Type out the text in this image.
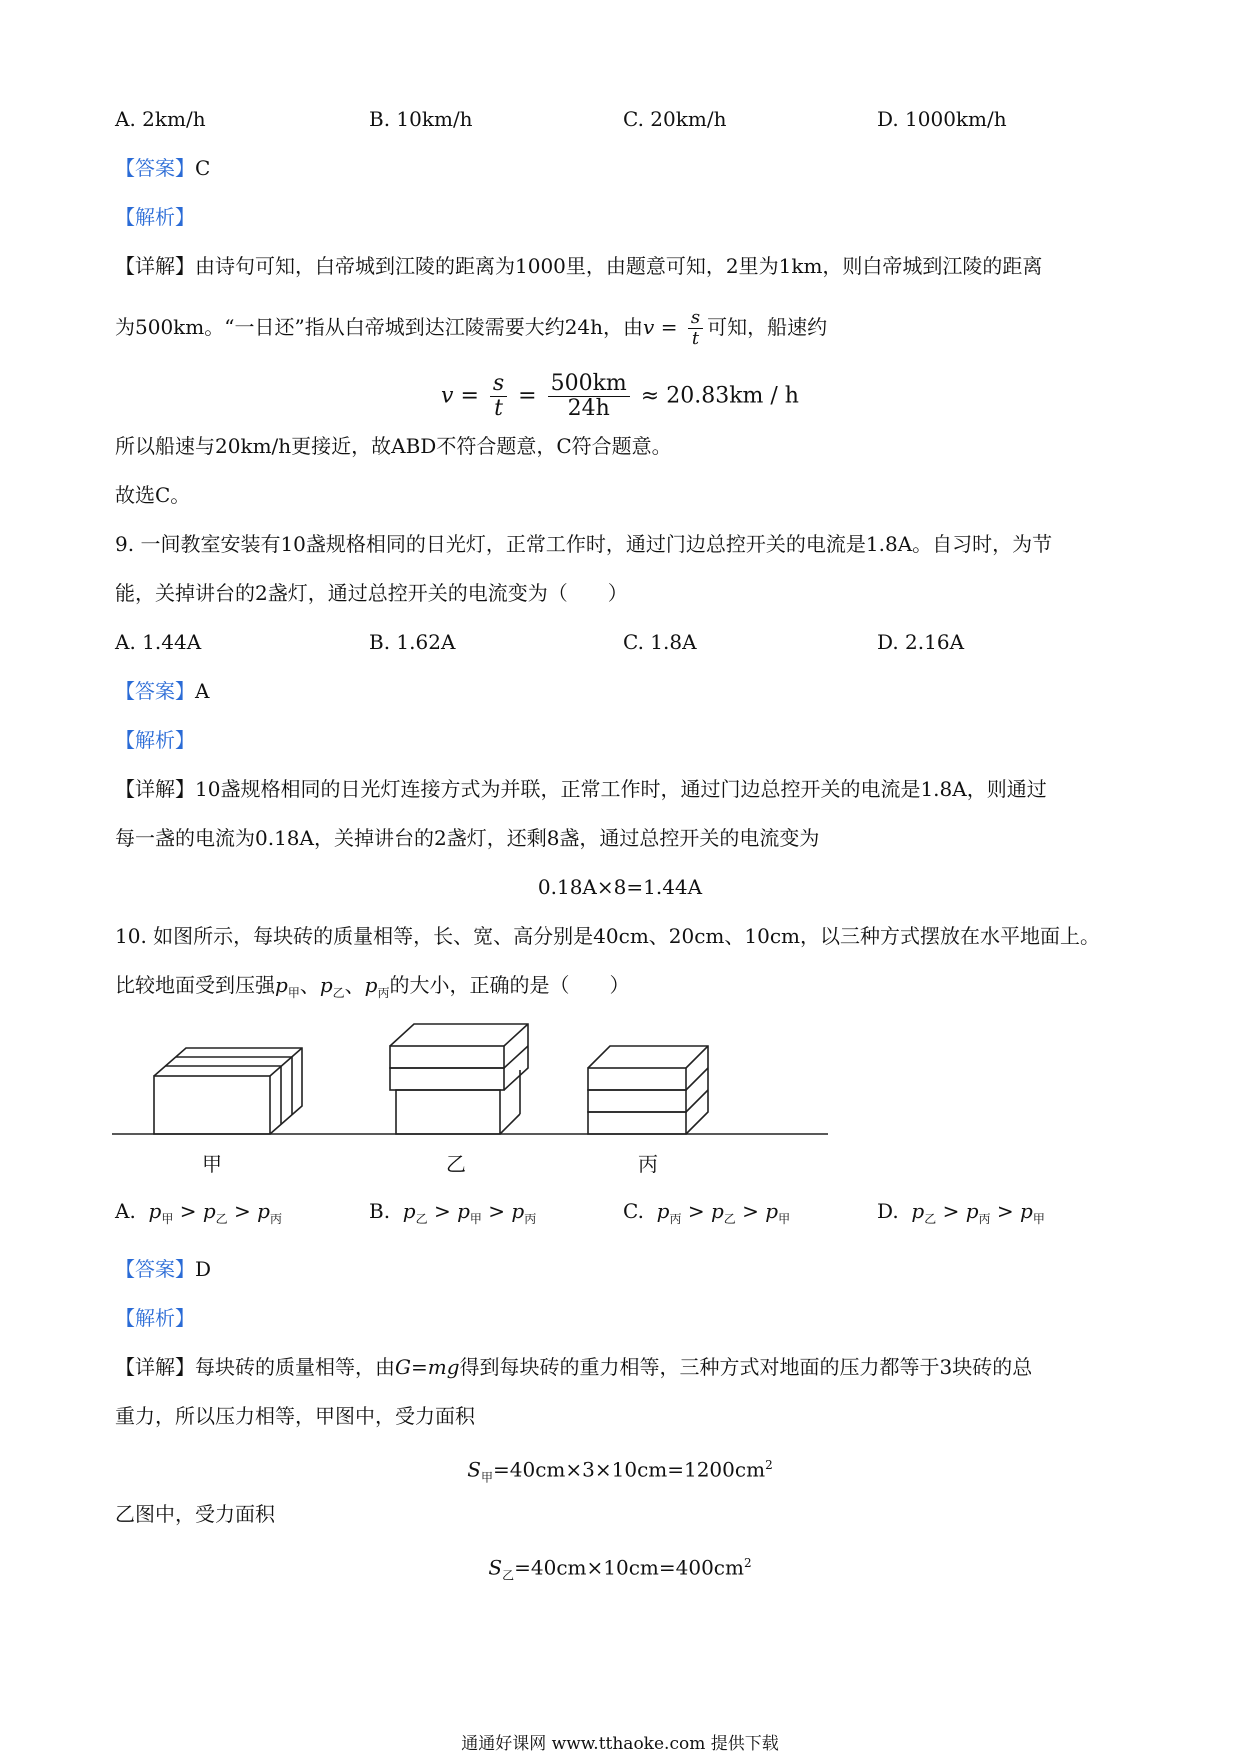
A. 2km/h	B. 10km/h	C. 20km/h	D. 1000km/h
【答案】C
【解析】
【详解】由诗句可知，白帝城到江陵的距离为1000里，由题意可知，2里为1km，则白帝城到江陵的距离
为500km。“一日还”指从白帝城到达江陵需要大约24h，由$v = \frac{s}{t}$ 可知，船速约
$v = \frac{s}{t} = \frac{500km}{24h} \approx 20.83km / h$
所以船速与20km/h更接近，故ABD不符合题意，C符合题意。
故选C。
9. 一间教室安装有10盏规格相同的日光灯，正常工作时，通过门边总控开关的电流是1.8A。自习时，为节
能，关掉讲台的2盏灯，通过总控开关的电流变为（　　）
A. 1.44A	B. 1.62A	C. 1.8A	D. 2.16A
【答案】A
【解析】
【详解】10盏规格相同的日光灯连接方式为并联，正常工作时，通过门边总控开关的电流是1.8A，则通过
每一盏的电流为0.18A，关掉讲台的2盏灯，还剩8盏，通过总控开关的电流变为
0.18A×8=1.44A
10. 如图所示，每块砖的质量相等，长、宽、高分别是40cm、20cm、10cm，以三种方式摆放在水平地面上。
比较地面受到压强$p_甲$、$p_乙$、$p_丙$的大小，正确的是（　　）
甲	乙	丙
A. $p_甲 > p_乙 > p_丙$	B. $p_乙 > p_甲 > p_丙$	C. $p_丙 > p_乙 > p_甲$	D. $p_乙 > p_丙 > p_甲$
【答案】D
【解析】
【详解】每块砖的质量相等，由G=mg得到每块砖的重力相等，三种方式对地面的压力都等于3块砖的总
重力，所以压力相等，甲图中，受力面积
$S_甲=40cm\times 3\times 10cm=1200cm^2$
乙图中，受力面积
$S_乙=40cm\times 10cm=400cm^2$
通通好课网 www.tthaoke.com 提供下载
